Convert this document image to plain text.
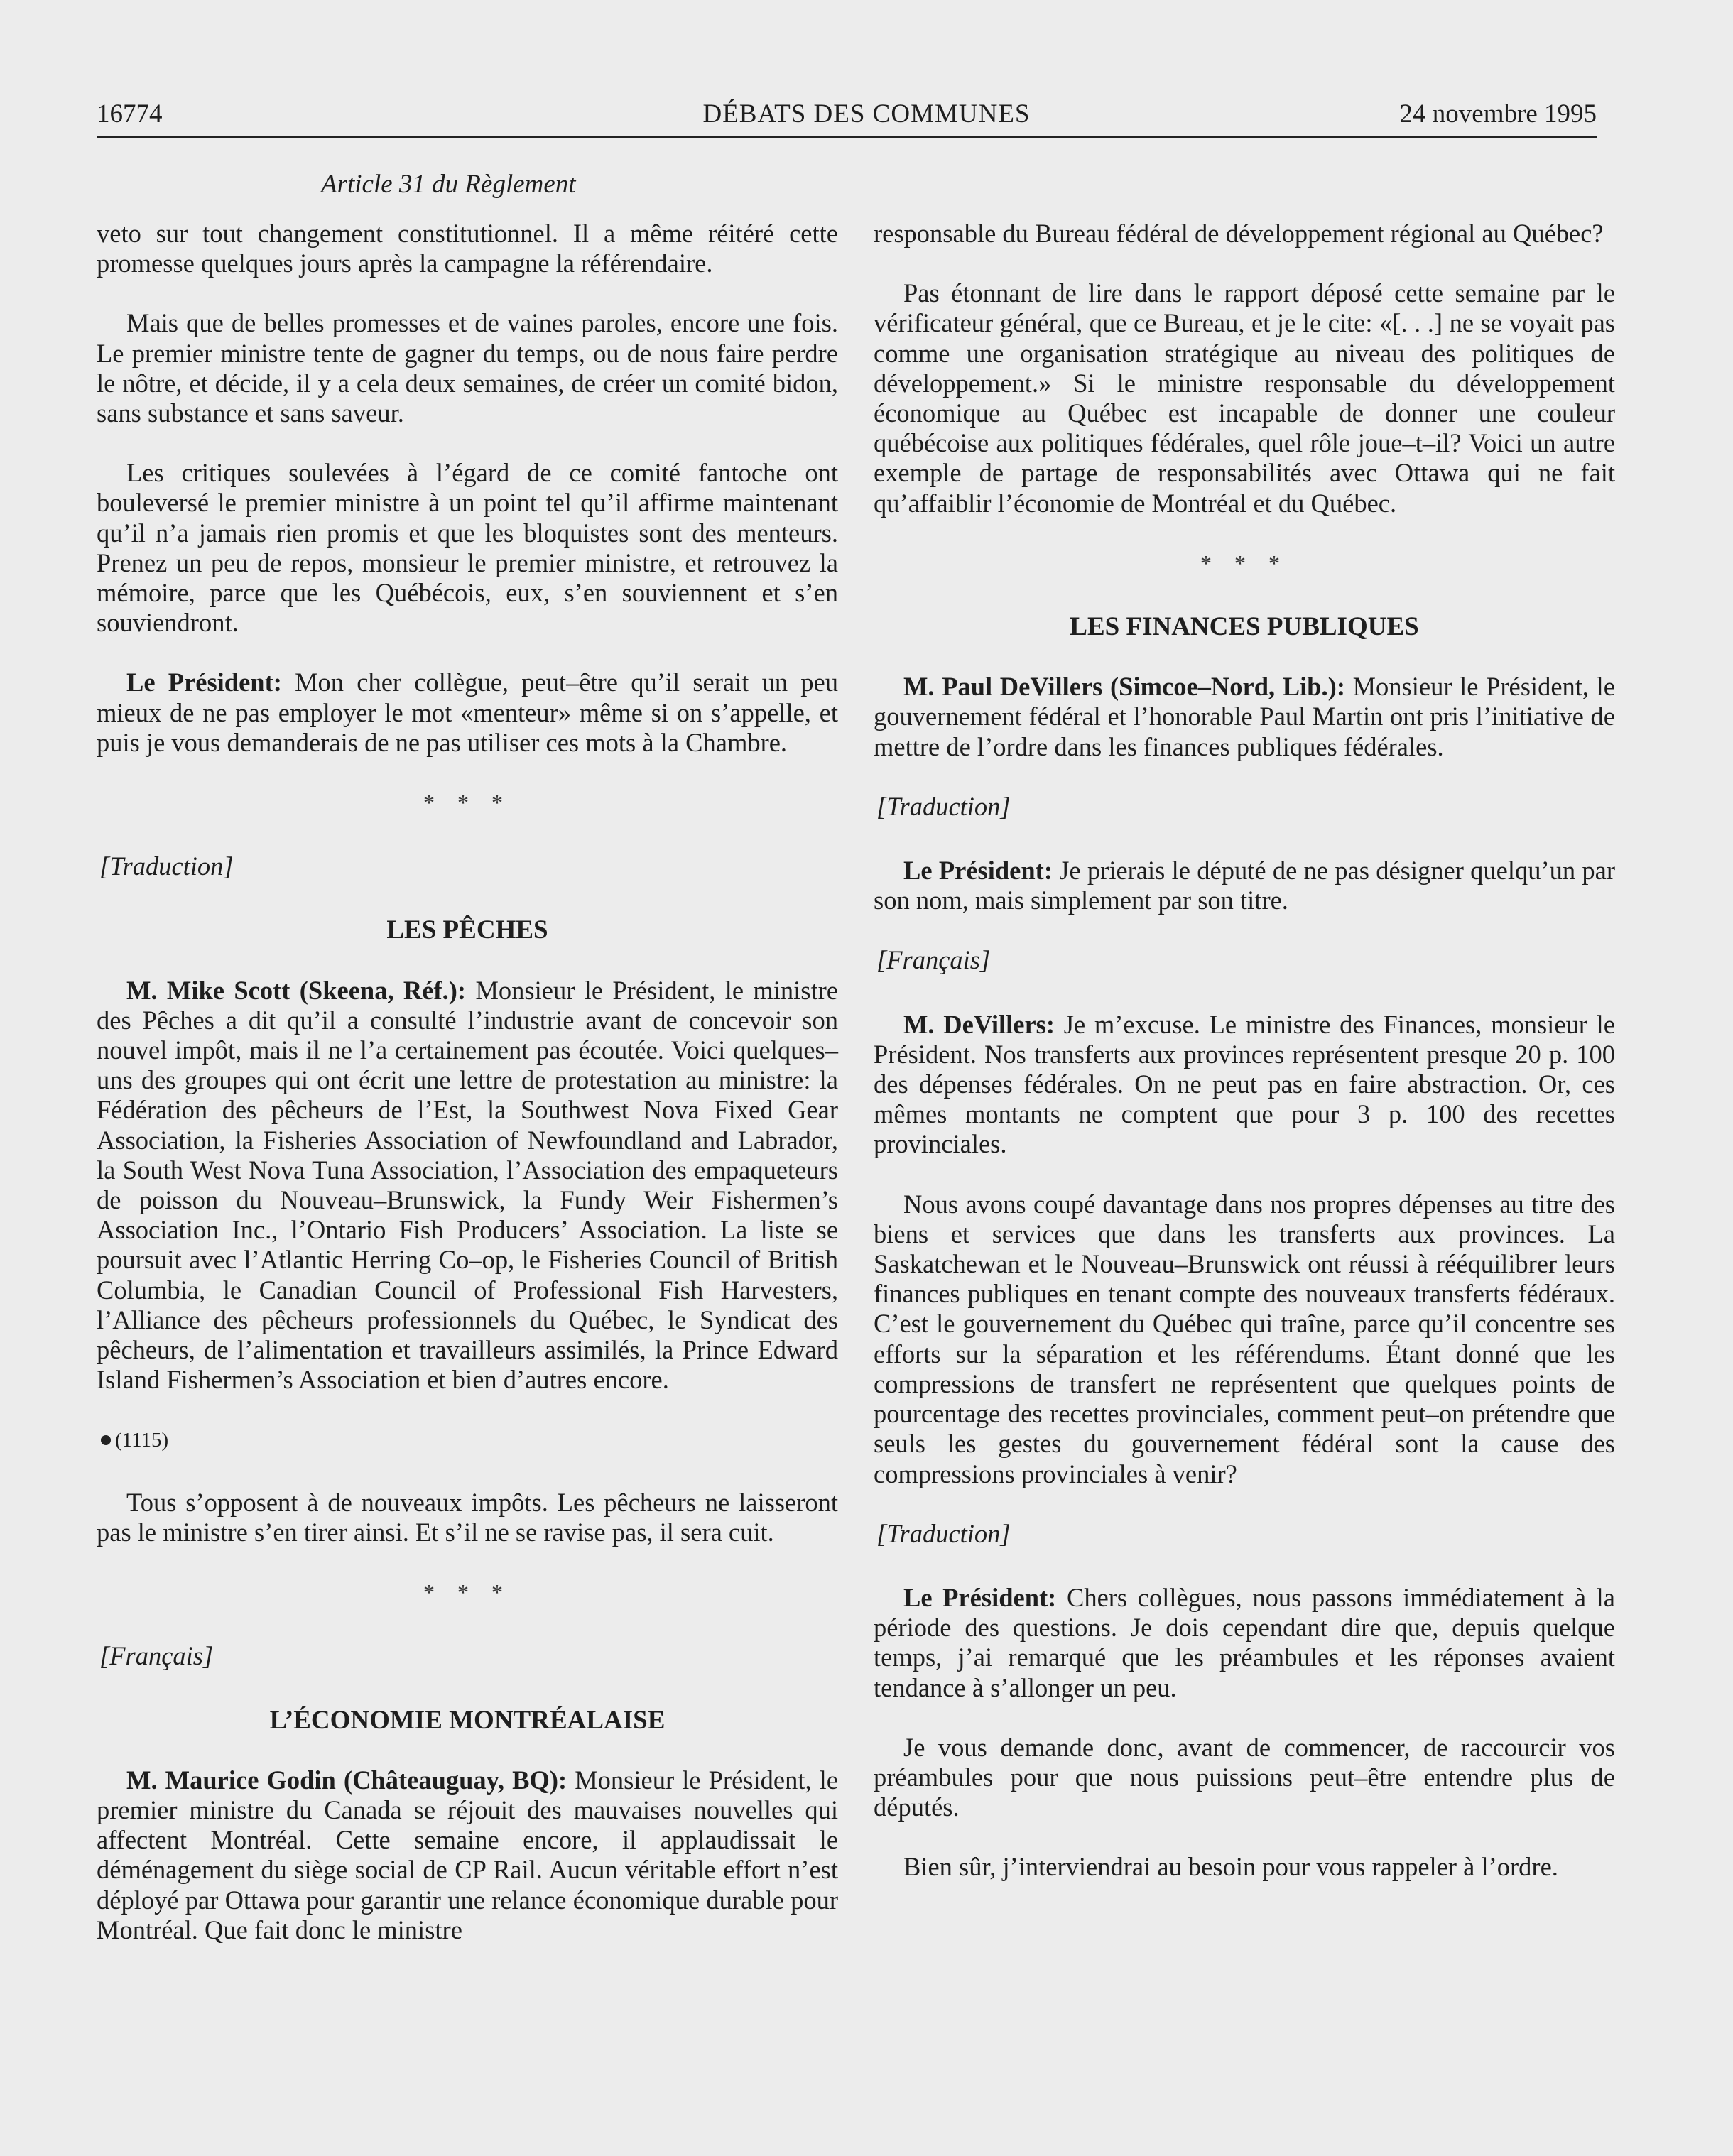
16774	DÉBATS DES COMMUNES	24 novembre 1995
Article 31 du Règlement

veto sur tout changement constitutionnel. Il a même réitéré cette promesse quelques jours après la campagne la référendaire.

Mais que de belles promesses et de vaines paroles, encore une fois. Le premier ministre tente de gagner du temps, ou de nous faire perdre le nôtre, et décide, il y a cela deux semaines, de créer un comité bidon, sans substance et sans saveur.

Les critiques soulevées à l’égard de ce comité fantoche ont bouleversé le premier ministre à un point tel qu’il affirme maintenant qu’il n’a jamais rien promis et que les bloquistes sont des menteurs. Prenez un peu de repos, monsieur le premier ministre, et retrouvez la mémoire, parce que les Québécois, eux, s’en souviennent et s’en souviendront.

Le Président: Mon cher collègue, peut–être qu’il serait un peu mieux de ne pas employer le mot «menteur» même si on s’appelle, et puis je vous demanderais de ne pas utiliser ces mots à la Chambre.

* * *
[Traduction]
LES PÊCHES

M. Mike Scott (Skeena, Réf.): Monsieur le Président, le ministre des Pêches a dit qu’il a consulté l’industrie avant de concevoir son nouvel impôt, mais il ne l’a certainement pas écoutée. Voici quelques–uns des groupes qui ont écrit une lettre de protestation au ministre: la Fédération des pêcheurs de l’Est, la Southwest Nova Fixed Gear Association, la Fisheries Association of Newfoundland and Labrador, la South West Nova Tuna Association, l’Association des empaqueteurs de poisson du Nouveau–Brunswick, la Fundy Weir Fishermen’s Association Inc., l’Ontario Fish Producers’ Association. La liste se poursuit avec l’Atlantic Herring Co–op, le Fisheries Council of British Columbia, le Canadian Council of Professional Fish Harvesters, l’Alliance des pêcheurs professionnels du Québec, le Syndicat des pêcheurs, de l’alimentation et travailleurs assimilés, la Prince Edward Island Fishermen’s Association et bien d’autres encore.

(1115)

Tous s’opposent à de nouveaux impôts. Les pêcheurs ne laisseront pas le ministre s’en tirer ainsi. Et s’il ne se ravise pas, il sera cuit.

* * *
[Français]
L’ÉCONOMIE MONTRÉALAISE

M. Maurice Godin (Châteauguay, BQ): Monsieur le Président, le premier ministre du Canada se réjouit des mauvaises nouvelles qui affectent Montréal. Cette semaine encore, il applaudissait le déménagement du siège social de CP Rail. Aucun véritable effort n’est déployé par Ottawa pour garantir une relance économique durable pour Montréal. Que fait donc le ministre

responsable du Bureau fédéral de développement régional au Québec?

Pas étonnant de lire dans le rapport déposé cette semaine par le vérificateur général, que ce Bureau, et je le cite: «[. . .] ne se voyait pas comme une organisation stratégique au niveau des politiques de développement.» Si le ministre responsable du développement économique au Québec est incapable de donner une couleur québécoise aux politiques fédérales, quel rôle joue–t–il? Voici un autre exemple de partage de responsabilités avec Ottawa qui ne fait qu’affaiblir l’économie de Montréal et du Québec.

* * *
LES FINANCES PUBLIQUES

M. Paul DeVillers (Simcoe–Nord, Lib.): Monsieur le Président, le gouvernement fédéral et l’honorable Paul Martin ont pris l’initiative de mettre de l’ordre dans les finances publiques fédérales.

[Traduction]

Le Président: Je prierais le député de ne pas désigner quelqu’un par son nom, mais simplement par son titre.

[Français]

M. DeVillers: Je m’excuse. Le ministre des Finances, monsieur le Président. Nos transferts aux provinces représentent presque 20 p. 100 des dépenses fédérales. On ne peut pas en faire abstraction. Or, ces mêmes montants ne comptent que pour 3 p. 100 des recettes provinciales.

Nous avons coupé davantage dans nos propres dépenses au titre des biens et services que dans les transferts aux provinces. La Saskatchewan et le Nouveau–Brunswick ont réussi à rééquilibrer leurs finances publiques en tenant compte des nouveaux transferts fédéraux. C’est le gouvernement du Québec qui traîne, parce qu’il concentre ses efforts sur la séparation et les référendums. Étant donné que les compressions de transfert ne représentent que quelques points de pourcentage des recettes provinciales, comment peut–on prétendre que seuls les gestes du gouvernement fédéral sont la cause des compressions provinciales à venir?

[Traduction]

Le Président: Chers collègues, nous passons immédiatement à la période des questions. Je dois cependant dire que, depuis quelque temps, j’ai remarqué que les préambules et les réponses avaient tendance à s’allonger un peu.

Je vous demande donc, avant de commencer, de raccourcir vos préambules pour que nous puissions peut–être entendre plus de députés.

Bien sûr, j’interviendrai au besoin pour vous rappeler à l’ordre.
